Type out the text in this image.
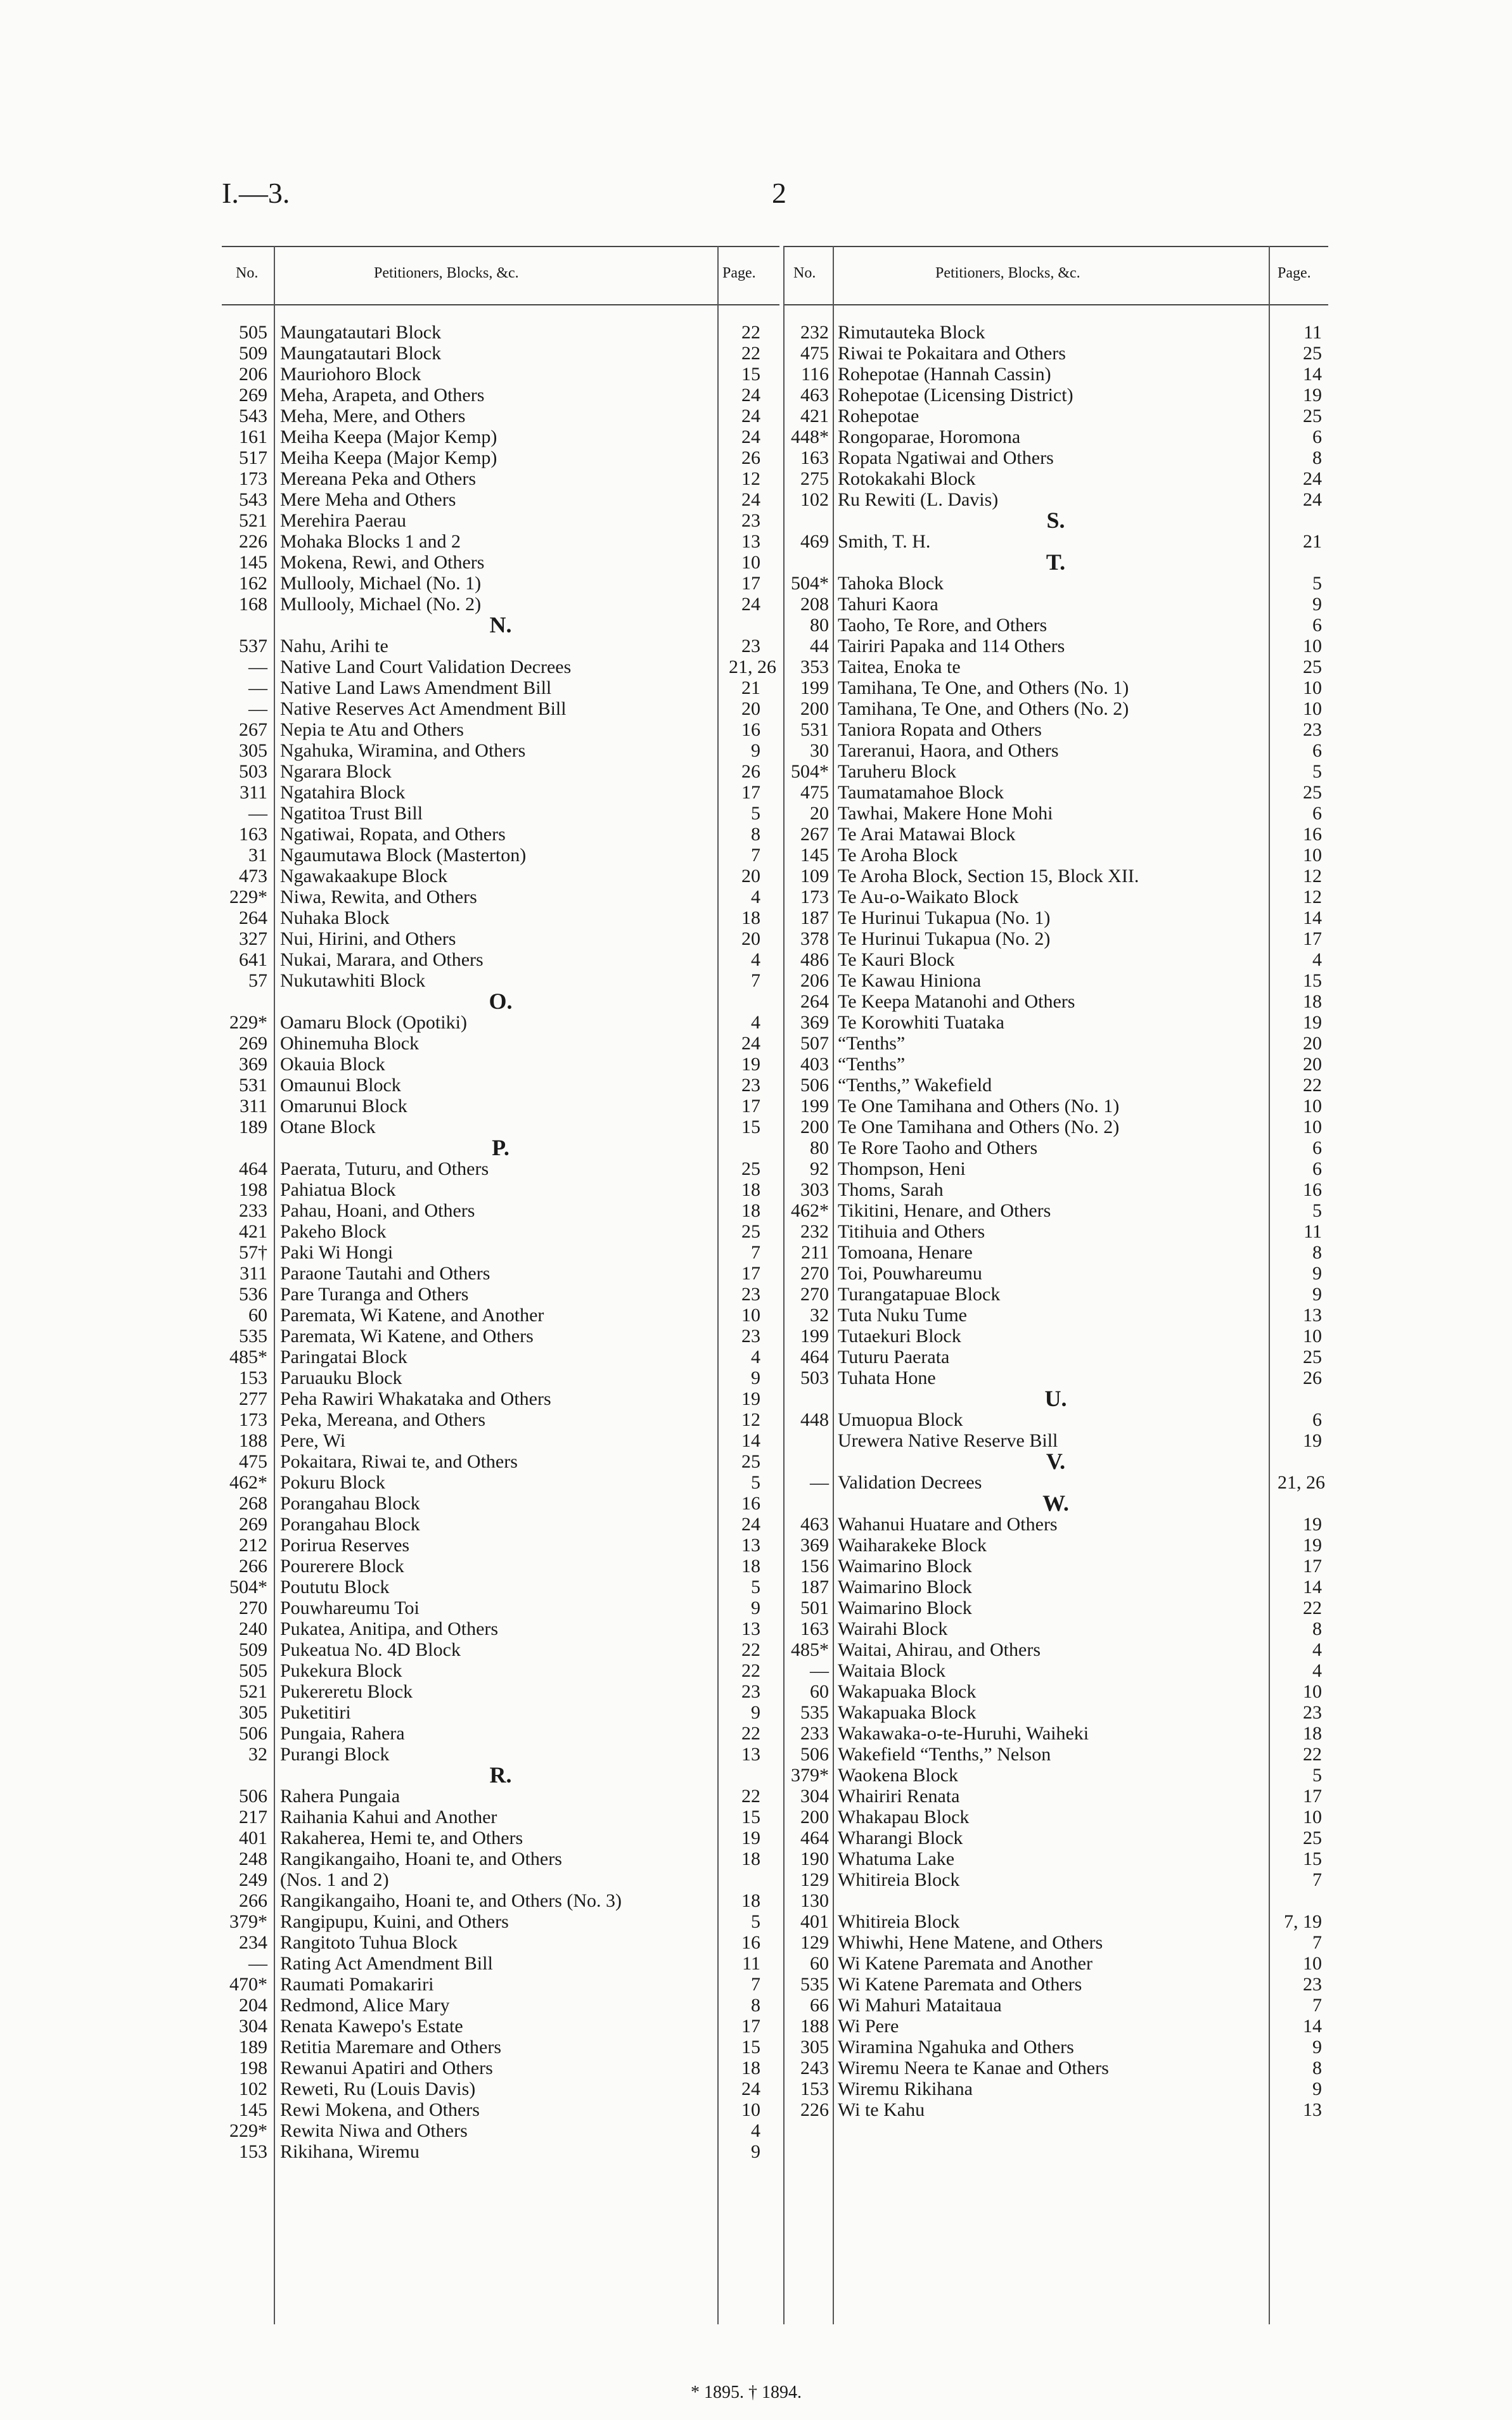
I.—3.	2
No.	Petitioners, Blocks, &c.	Page.
505 Maungatautari Block	22
509 Maungatautari Block	22
206 Mauriohoro Block	15
269 Meha, Arapeta, and Others	24
543 Meha, Mere, and Others	24
161 Meiha Keepa (Major Kemp)	24
517 Meiha Keepa (Major Kemp)	26
173 Mereana Peka and Others	12
543 Mere Meha and Others	24
521 Merehira Paerau	23
226 Mohaka Blocks 1 and 2	13
145 Mokena, Rewi, and Others	10
162 Mullooly, Michael (No. 1)	17
168 Mullooly, Michael (No. 2)	24
N.
537 Nahu, Arihi te	23
— Native Land Court Validation Decrees	21, 26
— Native Land Laws Amendment Bill	21
— Native Reserves Act Amendment Bill	20
267 Nepia te Atu and Others	16
305 Ngahuka, Wiramina, and Others	9
503 Ngarara Block	26
311 Ngatahira Block	17
— Ngatitoa Trust Bill	5
163 Ngatiwai, Ropata, and Others	8
31 Ngaumutawa Block (Masterton)	7
473 Ngawakaakupe Block	20
229* Niwa, Rewita, and Others	4
264 Nuhaka Block	18
327 Nui, Hirini, and Others	20
641 Nukai, Marara, and Others	4
57 Nukutawhiti Block	7
O.
229* Oamaru Block (Opotiki)	4
269 Ohinemuha Block	24
369 Okauia Block	19
531 Omaunui Block	23
311 Omarunui Block	17
189 Otane Block	15
P.
464 Paerata, Tuturu, and Others	25
198 Pahiatua Block	18
233 Pahau, Hoani, and Others	18
421 Pakeho Block	25
57† Paki Wi Hongi	7
311 Paraone Tautahi and Others	17
536 Pare Turanga and Others	23
60 Paremata, Wi Katene, and Another	10
535 Paremata, Wi Katene, and Others	23
485* Paringatai Block	4
153 Paruauku Block	9
277 Peha Rawiri Whakataka and Others	19
173 Peka, Mereana, and Others	12
188 Pere, Wi	14
475 Pokaitara, Riwai te, and Others	25
462* Pokuru Block	5
268 Porangahau Block	16
269 Porangahau Block	24
212 Porirua Reserves	13
266 Pourerere Block	18
504* Poututu Block	5
270 Pouwhareumu Toi	9
240 Pukatea, Anitipa, and Others	13
509 Pukeatua No. 4D Block	22
505 Pukekura Block	22
521 Pukereretu Block	23
305 Puketitiri	9
506 Pungaia, Rahera	22
32 Purangi Block	13
R.
506 Rahera Pungaia	22
217 Raihania Kahui and Another	15
401 Rakaherea, Hemi te, and Others	19
248 Rangikangaiho, Hoani te, and Others	18
249 (Nos. 1 and 2)
266 Rangikangaiho, Hoani te, and Others (No. 3)	18
379* Rangipupu, Kuini, and Others	5
234 Rangitoto Tuhua Block	16
— Rating Act Amendment Bill	11
470* Raumati Pomakariri	7
204 Redmond, Alice Mary	8
304 Renata Kawepo's Estate	17
189 Retitia Maremare and Others	15
198 Rewanui Apatiri and Others	18
102 Reweti, Ru (Louis Davis)	24
145 Rewi Mokena, and Others	10
229* Rewita Niwa and Others	4
153 Rikihana, Wiremu	9
No.	Petitioners, Blocks, &c.	Page.
232 Rimutauteka Block	11
475 Riwai te Pokaitara and Others	25
116 Rohepotae (Hannah Cassin)	14
463 Rohepotae (Licensing District)	19
421 Rohepotae	25
448* Rongoparae, Horomona	6
163 Ropata Ngatiwai and Others	8
275 Rotokakahi Block	24
102 Ru Rewiti (L. Davis)	24
S.
469 Smith, T. H.	21
T.
504* Tahoka Block	5
208 Tahuri Kaora	9
80 Taoho, Te Rore, and Others	6
44 Tairiri Papaka and 114 Others	10
353 Taitea, Enoka te	25
199 Tamihana, Te One, and Others (No. 1)	10
200 Tamihana, Te One, and Others (No. 2)	10
531 Taniora Ropata and Others	23
30 Tareranui, Haora, and Others	6
504* Taruheru Block	5
475 Taumatamahoe Block	25
20 Tawhai, Makere Hone Mohi	6
267 Te Arai Matawai Block	16
145 Te Aroha Block	10
109 Te Aroha Block, Section 15, Block XII.	12
173 Te Au-o-Waikato Block	12
187 Te Hurinui Tukapua (No. 1)	14
378 Te Hurinui Tukapua (No. 2)	17
486 Te Kauri Block	4
206 Te Kawau Hiniona	15
264 Te Keepa Matanohi and Others	18
369 Te Korowhiti Tuataka	19
507 “Tenths”	20
403 “Tenths”	20
506 “Tenths,” Wakefield	22
199 Te One Tamihana and Others (No. 1)	10
200 Te One Tamihana and Others (No. 2)	10
80 Te Rore Taoho and Others	6
92 Thompson, Heni	6
303 Thoms, Sarah	16
462* Tikitini, Henare, and Others	5
232 Titihuia and Others	11
211 Tomoana, Henare	8
270 Toi, Pouwhareumu	9
270 Turangatapuae Block	9
32 Tuta Nuku Tume	13
199 Tutaekuri Block	10
464 Tuturu Paerata	25
503 Tuhata Hone	26
U.
448 Umuopua Block	6
Urewera Native Reserve Bill	19
V.
— Validation Decrees	21, 26
W.
463 Wahanui Huatare and Others	19
369 Waiharakeke Block	19
156 Waimarino Block	17
187 Waimarino Block	14
501 Waimarino Block	22
163 Wairahi Block	8
485* Waitai, Ahirau, and Others	4
— Waitaia Block	4
60 Wakapuaka Block	10
535 Wakapuaka Block	23
233 Wakawaka-o-te-Huruhi, Waiheki	18
506 Wakefield “Tenths,” Nelson	22
379* Waokena Block	5
304 Whairiri Renata	17
200 Whakapau Block	10
464 Wharangi Block	25
190 Whatuma Lake	15
129 Whitireia Block	7
130
401 Whitireia Block	7, 19
129 Whiwhi, Hene Matene, and Others	7
60 Wi Katene Paremata and Another	10
535 Wi Katene Paremata and Others	23
66 Wi Mahuri Mataitaua	7
188 Wi Pere	14
305 Wiramina Ngahuka and Others	9
243 Wiremu Neera te Kanae and Others	8
153 Wiremu Rikihana	9
226 Wi te Kahu	13
* 1895. † 1894.
